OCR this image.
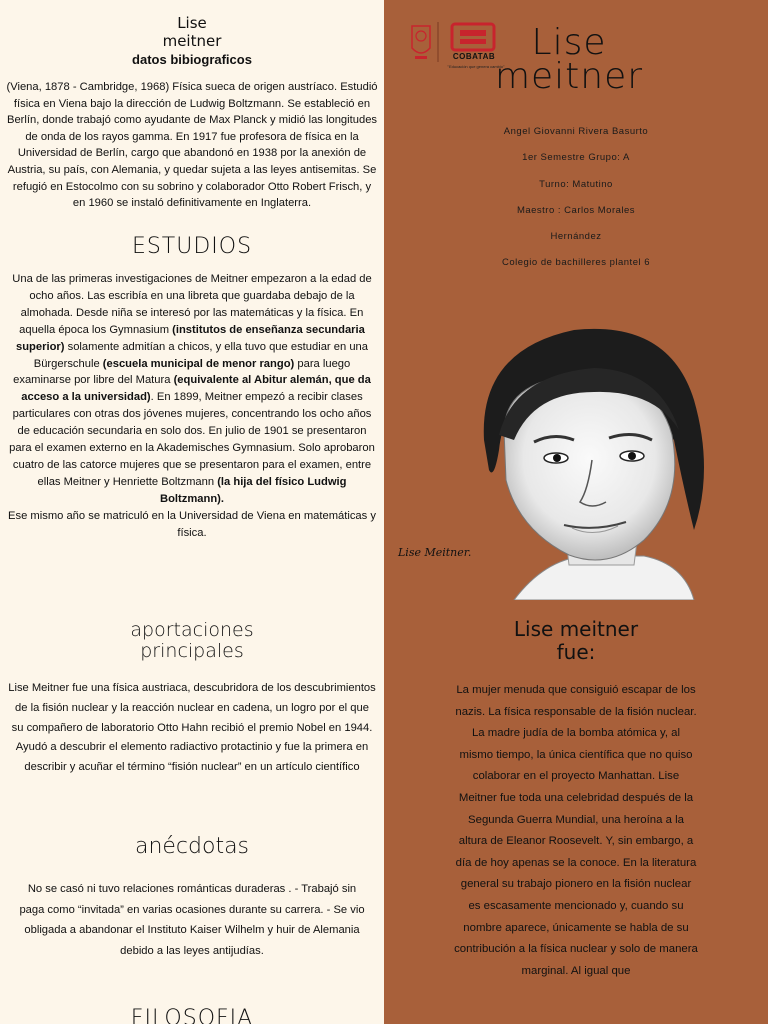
Lise
meitner
datos bibiograficos

(Viena, 1878 - Cambridge, 1968) Física sueca de origen austríaco. Estudió física en Viena bajo la dirección de Ludwig Boltzmann. Se estableció en Berlín, donde trabajó como ayudante de Max Planck y midió las longitudes de onda de los rayos gamma. En 1917 fue profesora de física en la Universidad de Berlín, cargo que abandonó en 1938 por la anexión de Austria, su país, con Alemania, y quedar sujeta a las leyes antisemitas. Se refugió en Estocolmo con su sobrino y colaborador Otto Robert Frisch, y en 1960 se instaló definitivamente en Inglaterra.

ESTUDIOS

Una de las primeras investigaciones de Meitner empezaron a la edad de ocho años. Las escribía en una libreta que guardaba debajo de la almohada. Desde niña se interesó por las matemáticas y la física. En aquella época los Gymnasium (institutos de enseñanza secundaria superior) solamente admitían a chicos, y ella tuvo que estudiar en una Bürgerschule (escuela municipal de menor rango) para luego examinarse por libre del Matura (equivalente al Abitur alemán, que da acceso a la universidad). En 1899, Meitner empezó a recibir clases particulares con otras dos jóvenes mujeres, concentrando los ocho años de educación secundaria en solo dos. En julio de 1901 se presentaron para el examen externo en la Akademisches Gymnasium. Solo aprobaron cuatro de las catorce mujeres que se presentaron para el examen, entre ellas Meitner y Henriette Boltzmann (la hija del físico Ludwig Boltzmann).
Ese mismo año se matriculó en la Universidad de Viena en matemáticas y física.

aportaciones
principales

Lise Meitner fue una física austriaca, descubridora de los descubrimientos de la fisión nuclear y la reacción nuclear en cadena, un logro por el que su compañero de laboratorio Otto Hahn recibió el premio Nobel en 1944.
Ayudó a descubrir el elemento radiactivo protactinio y fue la primera en describir y acuñar el término “fisión nuclear” en un artículo científico

anécdotas

No se casó ni tuvo relaciones románticas duraderas . - Trabajó sin paga como “invitada” en varias ocasiones durante su carrera. - Se vio obligada a abandonar el Instituto Kaiser Wilhelm y huir de Alemania debido a las leyes antijudías.

FILOSOFIA
COBATAB
"Educación que genera cambio"
Lise
meitner
Angel Giovanni Rivera Basurto
1er Semestre Grupo: A
Turno: Matutino
Maestro : Carlos Morales
Hernández
Colegio de bachilleres plantel 6
Lise Meitner.
Lise meitner
fue:

La mujer menuda que consiguió escapar de los nazis. La física responsable de la fisión nuclear. La madre judía de la bomba atómica y, al mismo tiempo, la única científica que no quiso colaborar en el proyecto Manhattan. Lise Meitner fue toda una celebridad después de la Segunda Guerra Mundial, una heroína a la altura de Eleanor Roosevelt. Y, sin embargo, a día de hoy apenas se la conoce. En la literatura general su trabajo pionero en la fisión nuclear es escasamente mencionado y, cuando su nombre aparece, únicamente se habla de su contribución a la física nuclear y solo de manera marginal. Al igual que
